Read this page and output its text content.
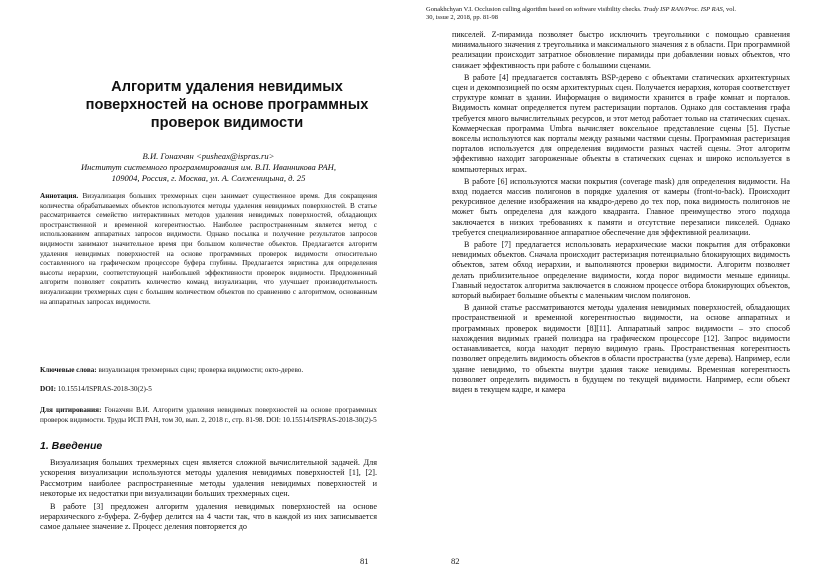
Алгоритм удаления невидимых поверхностей на основе программных проверок видимости
В.И. Гонахчян <pusheax@ispras.ru>
Институт системного программирования им. В.П. Иванникова РАН,
109004, Россия, г. Москва, ул. А. Солженицына, д. 25
Аннотация. Визуализация больших трехмерных сцен занимает существенное время. Для сокращения количества обрабатываемых объектов используются методы удаления невидимых поверхностей. В статье рассматривается семейство интерактивных методов удаления невидимых поверхностей, обладающих пространственной и временной когерентностью. Наиболее распространенным является метод с использованием аппаратных запросов видимости. Однако посылка и получение результатов запросов видимости занимают значительное время при большом количестве объектов. Предлагается алгоритм удаления невидимых поверхностей на основе программных проверок видимости относительно составленного на графическом процессоре буфера глубины. Предлагается эвристика для определения высоты иерархии, соответствующей наибольшей эффективности проверок видимости. Предложенный алгоритм позволяет сократить количество команд визуализации, что улучшает производительность визуализации трехмерных сцен с большим количеством объектов по сравнению с алгоритмом, основанным на аппаратных запросах видимости.
Ключевые слова: визуализация трехмерных сцен; проверка видимости; окто-дерево.
DOI: 10.15514/ISPRAS-2018-30(2)-5
Для цитирования: Гонахчян В.И. Алгоритм удаления невидимых поверхностей на основе программных проверок видимости. Труды ИСП РАН, том 30, вып. 2, 2018 г., стр. 81-98. DOI: 10.15514/ISPRAS-2018-30(2)-5
1. Введение

Визуализация больших трехмерных сцен является сложной вычислительной задачей. Для ускорения визуализации используются методы удаления невидимых поверхностей [1], [2]. Рассмотрим наиболее распространенные методы удаления невидимых поверхностей и некоторые их недостатки при визуализации больших трехмерных сцен.

В работе [3] предложен алгоритм удаления невидимых поверхностей на основе иерархического z-буфера. Z-буфер делится на 4 части так, что в каждой из них записывается самое дальнее значение z. Процесс деления повторяется до

81
Gonakhchyan V.I. Occlusion culling algorithm based on software visibility checks. Trudy ISP RAN/Proc. ISP RAS, vol.
30, issue 2, 2018, pp. 81-98

пикселей. Z-пирамида позволяет быстро исключить треугольники с помощью сравнения минимального значения z треугольника и максимального значения z в области. При программной реализации происходит затратное обновление пирамиды при добавлении новых объектов, что снижает эффективность при работе с большими сценами.

В работе [4] предлагается составлять BSP-дерево с объектами статических архитектурных сцен и декомпозицией по осям архитектурных сцен. Получается иерархия, которая соответствует структуре комнат в здании. Информация о видимости хранится в графе комнат и порталов. Видимость комнат определяется путем растеризации порталов. Однако для составления графа требуется много вычислительных ресурсов, и этот метод работает только на статических сценах. Коммерческая программа Umbra вычисляет воксельное представление сцены [5]. Пустые вокселы используются как порталы между разными частями сцены. Программная растеризация порталов используется для определения видимости разных частей сцены. Этот алгоритм эффективно находит загороженные объекты в статических сценах и широко используется в компьютерных играх.

В работе [6] используются маски покрытия (coverage mask) для определения видимости. На вход подается массив полигонов в порядке удаления от камеры (front-to-back). Происходит рекурсивное деление изображения на квадро-дерево до тех пор, пока видимость полигонов не может быть определена для каждого квадранта. Главное преимущество этого подхода заключается в низких требованиях к памяти и отсутствие перезаписи пикселей. Однако требуется специализированное аппаратное обеспечение для эффективной реализации.

В работе [7] предлагается использовать иерархические маски покрытия для отбраковки невидимых объектов. Сначала происходит растеризация потенциально блокирующих видимость объектов, затем обход иерархии, и выполняются проверки видимости. Алгоритм позволяет делать приблизительное определение видимости, когда порог видимости меньше единицы. Главный недостаток алгоритма заключается в сложном процессе отбора блокирующих объектов, который выбирает большие объекты с маленьким числом полигонов.

В данной статье рассматриваются методы удаления невидимых поверхностей, обладающих пространственной и временной когерентностью видимости, на основе аппаратных и программных проверок видимости [8][11]. Аппаратный запрос видимости – это способ нахождения видимых граней полиэдра на графическом процессоре [12]. Запрос видимости останавливается, когда находит первую видимую грань. Пространственная когерентность позволяет определить видимость объектов в области пространства (узле дерева). Например, если здание невидимо, то объекты внутри здания также невидимы. Временная когерентность позволяет определить видимость в будущем по текущей видимости. Например, если объект виден в текущем кадре, и камера

82
